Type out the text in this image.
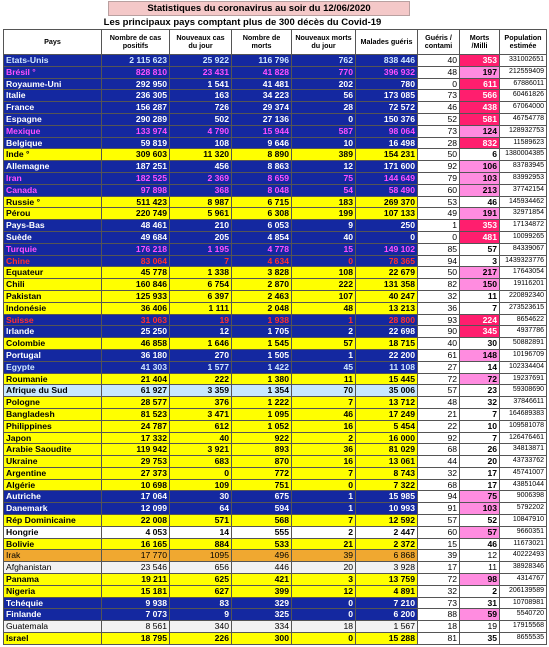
Statistiques du coronavirus au soir du 12/06/2020
Les principaux pays comptant plus de 300 décès du Covid-19
Pays	Nombre de cas positifs	Nouveaux cas du jour	Nombre de morts	Nouveaux morts du jour	Malades guéris	Guéris / contami	Morts /Milli	Population estimée
Etats-Unis	2 115 623	25 922	116 796	762	838 446	40	353	331002651
Brésil °	828 810	23 431	41 828	770	396 932	48	197	212559409
Royaume-Uni	292 950	1 541	41 481	202	780	0	611	67886011
Italie	236 305	163	34 223	56	173 085	73	566	60461826
France	156 287	726	29 374	28	72 572	46	438	67064000
Espagne	290 289	502	27 136	0	150 376	52	581	46754778
Mexique	133 974	4 790	15 944	587	98 064	73	124	128932753
Belgique	59 819	108	9 646	10	16 498	28	832	11589623
Inde °	309 603	11 320	8 890	389	154 231	50	6	1380004385
Allemagne	187 251	456	8 863	12	171 600	92	106	83783945
Iran	182 525	2 369	8 659	75	144 649	79	103	83992953
Canada	97 898	368	8 048	54	58 490	60	213	37742154
Russie °	511 423	8 987	6 715	183	269 370	53	46	145934462
Pérou	220 749	5 961	6 308	199	107 133	49	191	32971854
Pays-Bas	48 461	210	6 053	9	250	1	353	17134872
Suède	49 684	205	4 854	40	0	0	481	10099265
Turquie	176 218	1 195	4 778	15	149 102	85	57	84339067
Chine	83 064	7	4 634	0	78 365	94	3	1439323776
Equateur	45 778	1 338	3 828	108	22 679	50	217	17643054
Chili	160 846	6 754	2 870	222	131 358	82	150	19116201
Pakistan	125 933	6 397	2 463	107	40 247	32	11	220892340
Indonésie	36 406	1 111	2 048	48	13 213	36	7	273523615
Suisse	31 063	19	1 938	1	28 800	93	224	8654622
Irlande	25 250	12	1 705	2	22 698	90	345	4937786
Colombie	46 858	1 646	1 545	57	18 715	40	30	50882891
Portugal	36 180	270	1 505	1	22 200	61	148	10196709
Egypte	41 303	1 577	1 422	45	11 108	27	14	102334404
Roumanie	21 404	222	1 380	11	15 445	72	72	19237691
Afrique du Sud	61 927	3 359	1 354	70	35 006	57	23	59308690
Pologne	28 577	376	1 222	7	13 712	48	32	37846611
Bangladesh	81 523	3 471	1 095	46	17 249	21	7	164689383
Philippines	24 787	612	1 052	16	5 454	22	10	109581078
Japon	17 332	40	922	2	16 000	92	7	126476461
Arabie Saoudite	119 942	3 921	893	36	81 029	68	26	34813871
Ukraine	29 753	683	870	16	13 061	44	20	43733762
Argentine	27 373	0	772	7	8 743	32	17	45741007
Algérie	10 698	109	751	0	7 322	68	17	43851044
Autriche	17 064	30	675	1	15 985	94	75	9006398
Danemark	12 099	64	594	1	10 993	91	103	5792202
Rép Dominicaine	22 008	571	568	7	12 592	57	52	10847910
Hongrie	4 053	14	555	2	2 447	60	57	9660351
Bolivie	16 165	884	533	21	2 372	15	46	11673021
Irak	17 770	1095	496	39	6 868	39	12	40222493
Afghanistan	23 546	656	446	20	3 928	17	11	38928346
Panama	19 211	625	421	3	13 759	72	98	4314767
Nigeria	15 181	627	399	12	4 891	32	2	206139589
Tchéquie	9 938	83	329	0	7 210	73	31	10708981
Finlande	7 073	9	325	0	6 200	88	59	5540720
Guatemala	8 561	340	334	18	1 567	18	19	17915568
Israel	18 795	226	300	0	15 288	81	35	8655535
